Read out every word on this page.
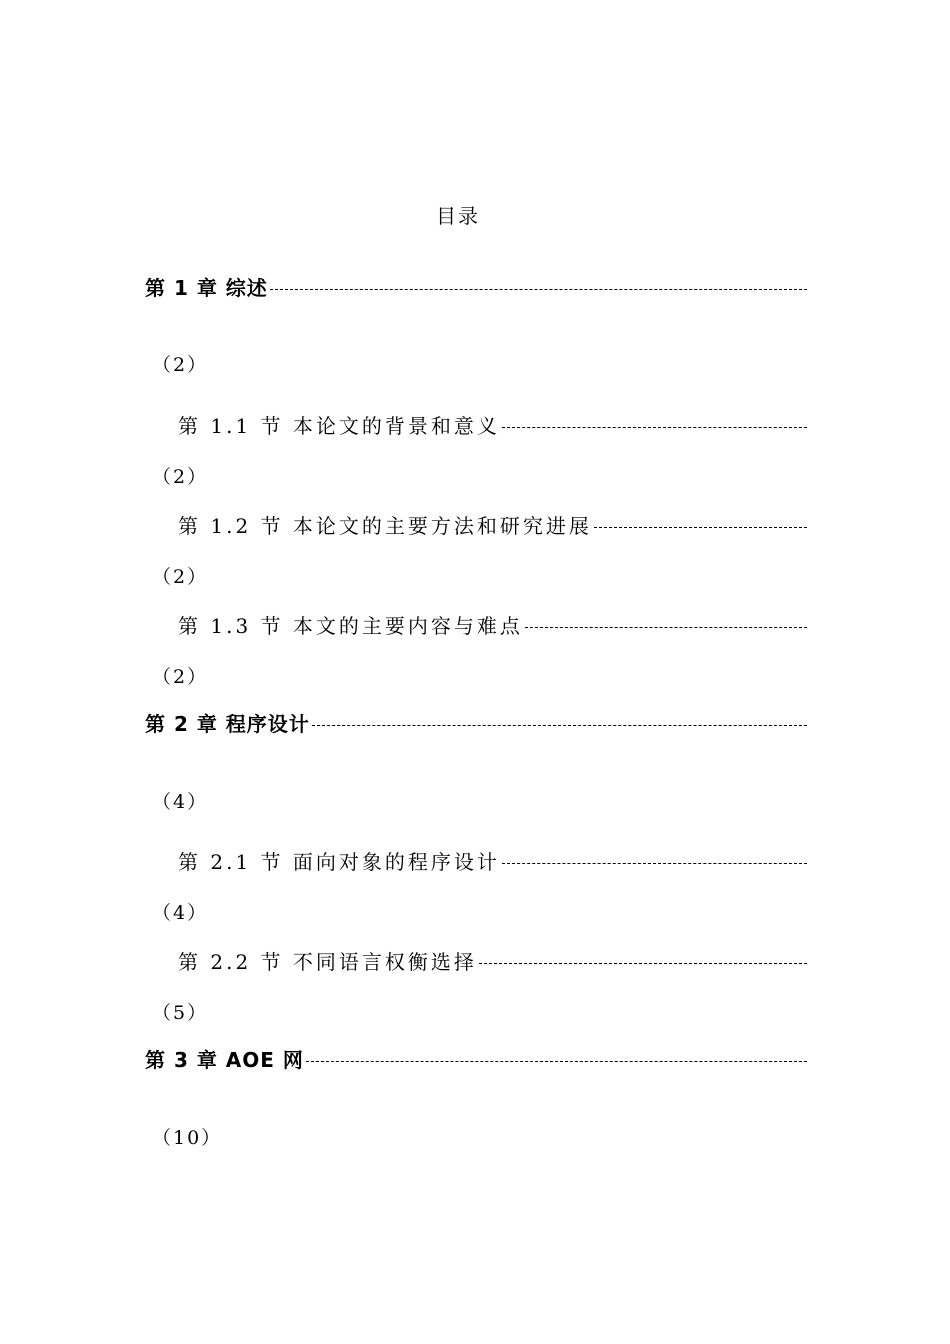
目录
第 1 章 综述
（2）
第 1.1 节 本论文的背景和意义
（2）
第 1.2 节 本论文的主要方法和研究进展
（2）
第 1.3 节 本文的主要内容与难点
（2）
第 2 章 程序设计
（4）
第 2.1 节 面向对象的程序设计
（4）
第 2.2 节 不同语言权衡选择
（5）
第 3 章 AOE 网
（10）
